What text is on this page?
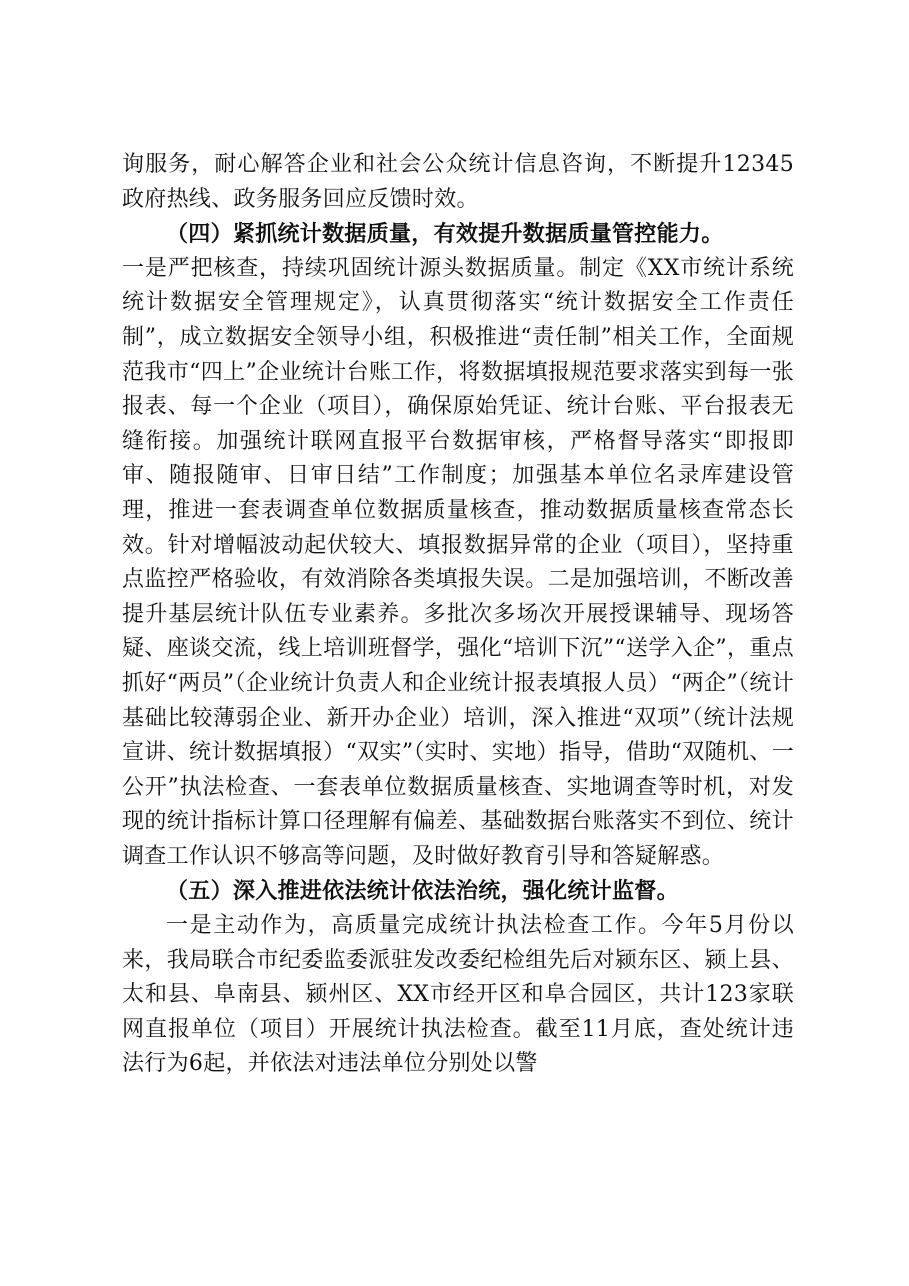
询服务，耐心解答企业和社会公众统计信息咨询，不断提升12345政府热线、政务服务回应反馈时效。

（四）紧抓统计数据质量，有效提升数据质量管控能力。

一是严把核查，持续巩固统计源头数据质量。制定《XX市统计系统统计数据安全管理规定》，认真贯彻落实“统计数据安全工作责任制”，成立数据安全领导小组，积极推进“责任制”相关工作，全面规范我市“四上”企业统计台账工作，将数据填报规范要求落实到每一张报表、每一个企业（项目），确保原始凭证、统计台账、平台报表无缝衔接。加强统计联网直报平台数据审核，严格督导落实“即报即审、随报随审、日审日结”工作制度；加强基本单位名录库建设管理，推进一套表调查单位数据质量核查，推动数据质量核查常态长效。针对增幅波动起伏较大、填报数据异常的企业（项目），坚持重点监控严格验收，有效消除各类填报失误。二是加强培训，不断改善提升基层统计队伍专业素养。多批次多场次开展授课辅导、现场答疑、座谈交流，线上培训班督学，强化“培训下沉”“送学入企”，重点抓好“两员”（企业统计负责人和企业统计报表填报人员）“两企”（统计基础比较薄弱企业、新开办企业）培训，深入推进“双项”（统计法规宣讲、统计数据填报）“双实”（实时、实地）指导，借助“双随机、一公开”执法检查、一套表单位数据质量核查、实地调查等时机，对发现的统计指标计算口径理解有偏差、基础数据台账落实不到位、统计调查工作认识不够高等问题，及时做好教育引导和答疑解惑。

（五）深入推进依法统计依法治统，强化统计监督。

一是主动作为，高质量完成统计执法检查工作。今年5月份以来，我局联合市纪委监委派驻发改委纪检组先后对颍东区、颍上县、太和县、阜南县、颍州区、XX市经开区和阜合园区，共计123家联网直报单位（项目）开展统计执法检查。截至11月底，查处统计违法行为6起，并依法对违法单位分别处以警
